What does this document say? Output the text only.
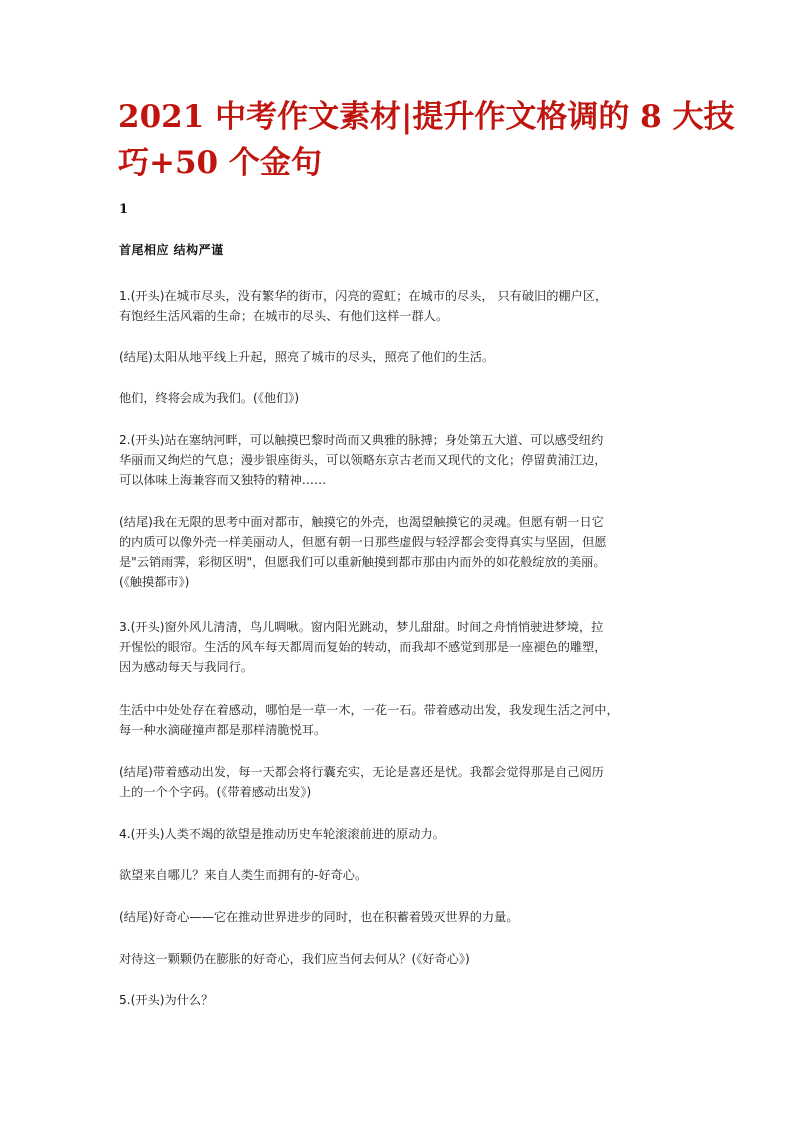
2021 中考作文素材|提升作文格调的 8 大技
巧+50 个金句
1
首尾相应 结构严谨

1.(开头)在城市尽头，没有繁华的街市，闪亮的霓虹；在城市的尽头， 只有破旧的棚户区，
有饱经生活风霜的生命；在城市的尽头、有他们这样一群人。

(结尾)太阳从地平线上升起，照亮了城市的尽头，照亮了他们的生活。

他们，终将会成为我们。(《他们》)

2.(开头)站在塞纳河畔，可以触摸巴黎时尚而又典雅的脉搏；身处第五大道、可以感受纽约
华丽而又绚烂的气息；漫步银座街头，可以领略东京古老而又现代的文化；停留黄浦江边，
可以体味上海兼容而又独特的精神……

(结尾)我在无限的思考中面对都市，触摸它的外壳，也渴望触摸它的灵魂。但愿有朝一日它
的内质可以像外壳一样美丽动人，但愿有朝一日那些虚假与轻浮都会变得真实与坚固，但愿
是"云销雨霁，彩彻区明"，但愿我们可以重新触摸到都市那由内而外的如花般绽放的美丽。
(《触摸都市》)

3.(开头)窗外风儿清清，鸟儿啁啾。窗内阳光跳动，梦儿甜甜。时间之舟悄悄驶进梦境，拉
开惺忪的眼帘。生活的风车每天都周而复始的转动，而我却不感觉到那是一座褪色的雕塑，
因为感动每天与我同行。

生活中中处处存在着感动，哪怕是一草一木，一花一石。带着感动出发，我发现生活之河中，
每一种水滴碰撞声都是那样清脆悦耳。

(结尾)带着感动出发，每一天都会将行囊充实，无论是喜还是忧。我都会觉得那是自己阅历
上的一个个字码。(《带着感动出发》)

4.(开头)人类不竭的欲望是推动历史车轮滚滚前进的原动力。

欲望来自哪儿？来自人类生而拥有的-好奇心。

(结尾)好奇心——它在推动世界进步的同时，也在积蓄着毁灭世界的力量。

对待这一颗颗仍在膨胀的好奇心，我们应当何去何从？(《好奇心》)

5.(开头)为什么？
